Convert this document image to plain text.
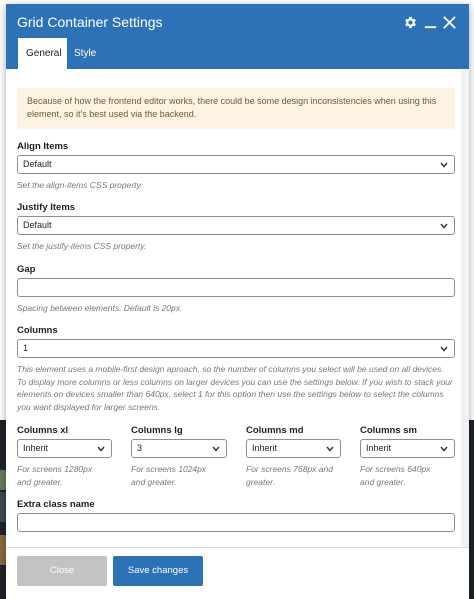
Grid Container Settings
General	Style
Because of how the frontend editor works, there could be some design inconsistencies when using this element, so it's best used via the backend.
Align Items
Default
Set the align-items CSS property.
Justify Items
Default
Set the justify-items CSS property.
Gap
Spacing between elements. Default is 20px.
Columns
1
This element uses a mobile-first design aproach, so the number of columns you select will be used on all devices. To display more columns or less columns on larger devices you can use the settings below. If you wish to stack your elements on devices smaller than 640px, select 1 for this option then use the settings below to select the columns you want displayed for larger screens.
Columns xl
Inherit
For screens 1280px
and greater.
Columns lg
3
For screens 1024px
and greater.
Columns md
Inherit
For screens 768px and
greater.
Columns sm
Inherit
For screens 640px
and greater.
Extra class name
Close	Save changes
